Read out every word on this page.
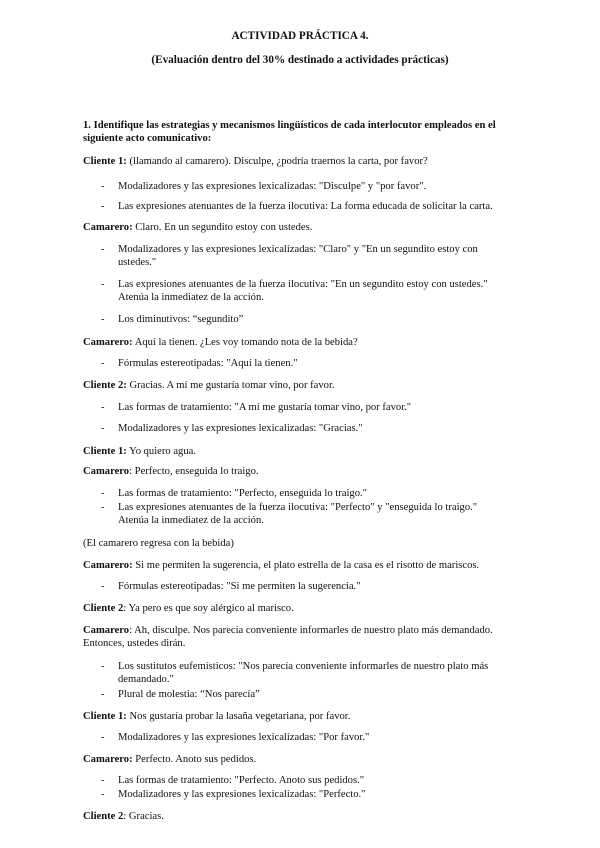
ACTIVIDAD PRÁCTICA 4.
(Evaluación dentro del 30% destinado a actividades prácticas)
1. Identifique las estrategias y mecanismos lingüísticos de cada interlocutor empleados en el siguiente acto comunicativo:
Cliente 1: (llamando al camarero). Disculpe, ¿podría traernos la carta, por favor?
- Modalizadores y las expresiones lexicalizadas: "Disculpe" y "por favor".
- Las expresiones atenuantes de la fuerza ilocutiva: La forma educada de solicitar la carta.
Camarero: Claro. En un segundito estoy con ustedes.
- Modalizadores y las expresiones lexicalizadas: "Claro" y "En un segundito estoy con ustedes."
- Las expresiones atenuantes de la fuerza ilocutiva: "En un segundito estoy con ustedes." Atenúa la inmediatez de la acción.
- Los diminutivos: “segundito”
Camarero: Aquí la tienen. ¿Les voy tomando nota de la bebida?
- Fórmulas estereotipadas: "Aquí la tienen."
Cliente 2: Gracias. A mí me gustaría tomar vino, por favor.
- Las formas de tratamiento: "A mí me gustaría tomar vino, por favor."
- Modalizadores y las expresiones lexicalizadas: "Gracias."
Cliente 1: Yo quiero agua.
Camarero: Perfecto, enseguida lo traigo.
- Las formas de tratamiento: "Perfecto, enseguida lo traigo."
- Las expresiones atenuantes de la fuerza ilocutiva: "Perfecto" y "enseguida lo traigo." Atenúa la inmediatez de la acción.
(El camarero regresa con la bebida)
Camarero: Si me permiten la sugerencia, el plato estrella de la casa es el risotto de mariscos.
- Fórmulas estereotipadas: "Si me permiten la sugerencia."
Cliente 2: Ya pero es que soy alérgico al marisco.
Camarero: Ah, disculpe. Nos parecía conveniente informarles de nuestro plato más demandado. Entonces, ustedes dirán.
- Los sustitutos eufemísticos: "Nos parecía conveniente informarles de nuestro plato más demandado."
- Plural de molestia: “Nos parecía”
Cliente 1: Nos gustaría probar la lasaña vegetariana, por favor.
- Modalizadores y las expresiones lexicalizadas: "Por favor."
Camarero: Perfecto. Anoto sus pedidos.
- Las formas de tratamiento: "Perfecto. Anoto sus pedidos."
- Modalizadores y las expresiones lexicalizadas: "Perfecto."
Cliente 2: Gracias.
